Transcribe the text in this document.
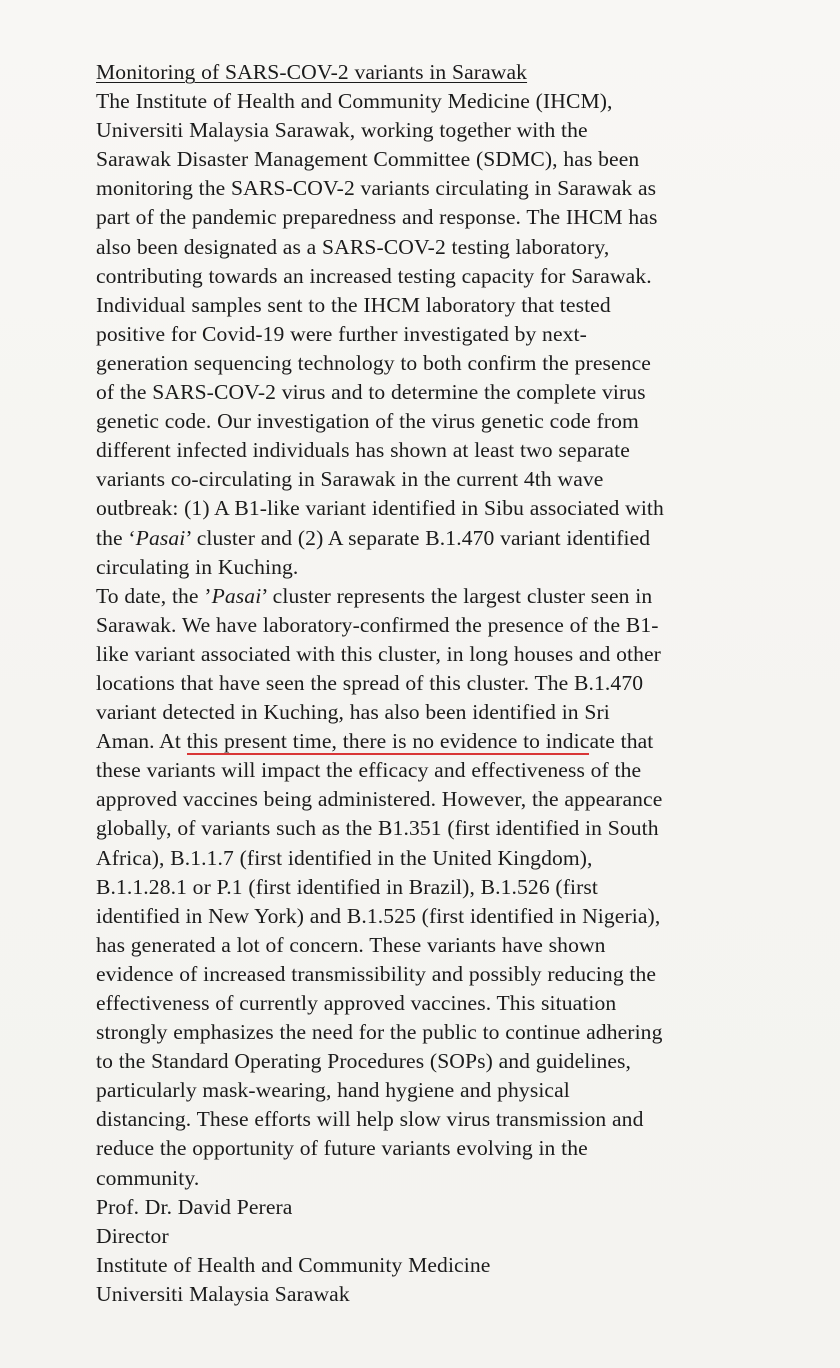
Monitoring of SARS-COV-2 variants in Sarawak
The Institute of Health and Community Medicine (IHCM),
Universiti Malaysia Sarawak, working together with the
Sarawak Disaster Management Committee (SDMC), has been
monitoring the SARS-COV-2 variants circulating in Sarawak as
part of the pandemic preparedness and response. The IHCM has
also been designated as a SARS-COV-2 testing laboratory,
contributing towards an increased testing capacity for Sarawak.
Individual samples sent to the IHCM laboratory that tested
positive for Covid-19 were further investigated by next-
generation sequencing technology to both confirm the presence
of the SARS-COV-2 virus and to determine the complete virus
genetic code. Our investigation of the virus genetic code from
different infected individuals has shown at least two separate
variants co-circulating in Sarawak in the current 4th wave
outbreak: (1) A B1-like variant identified in Sibu associated with
the ‘Pasai’ cluster and (2) A separate B.1.470 variant identified
circulating in Kuching.
To date, the ’Pasai’ cluster represents the largest cluster seen in
Sarawak. We have laboratory-confirmed the presence of the B1-
like variant associated with this cluster, in long houses and other
locations that have seen the spread of this cluster. The B.1.470
variant detected in Kuching, has also been identified in Sri
Aman. At this present time, there is no evidence to indicate that
these variants will impact the efficacy and effectiveness of the
approved vaccines being administered. However, the appearance
globally, of variants such as the B1.351 (first identified in South
Africa), B.1.1.7 (first identified in the United Kingdom),
B.1.1.28.1 or P.1 (first identified in Brazil), B.1.526 (first
identified in New York) and B.1.525 (first identified in Nigeria),
has generated a lot of concern. These variants have shown
evidence of increased transmissibility and possibly reducing the
effectiveness of currently approved vaccines. This situation
strongly emphasizes the need for the public to continue adhering
to the Standard Operating Procedures (SOPs) and guidelines,
particularly mask-wearing, hand hygiene and physical
distancing. These efforts will help slow virus transmission and
reduce the opportunity of future variants evolving in the
community.
Prof. Dr. David Perera
Director
Institute of Health and Community Medicine
Universiti Malaysia Sarawak
